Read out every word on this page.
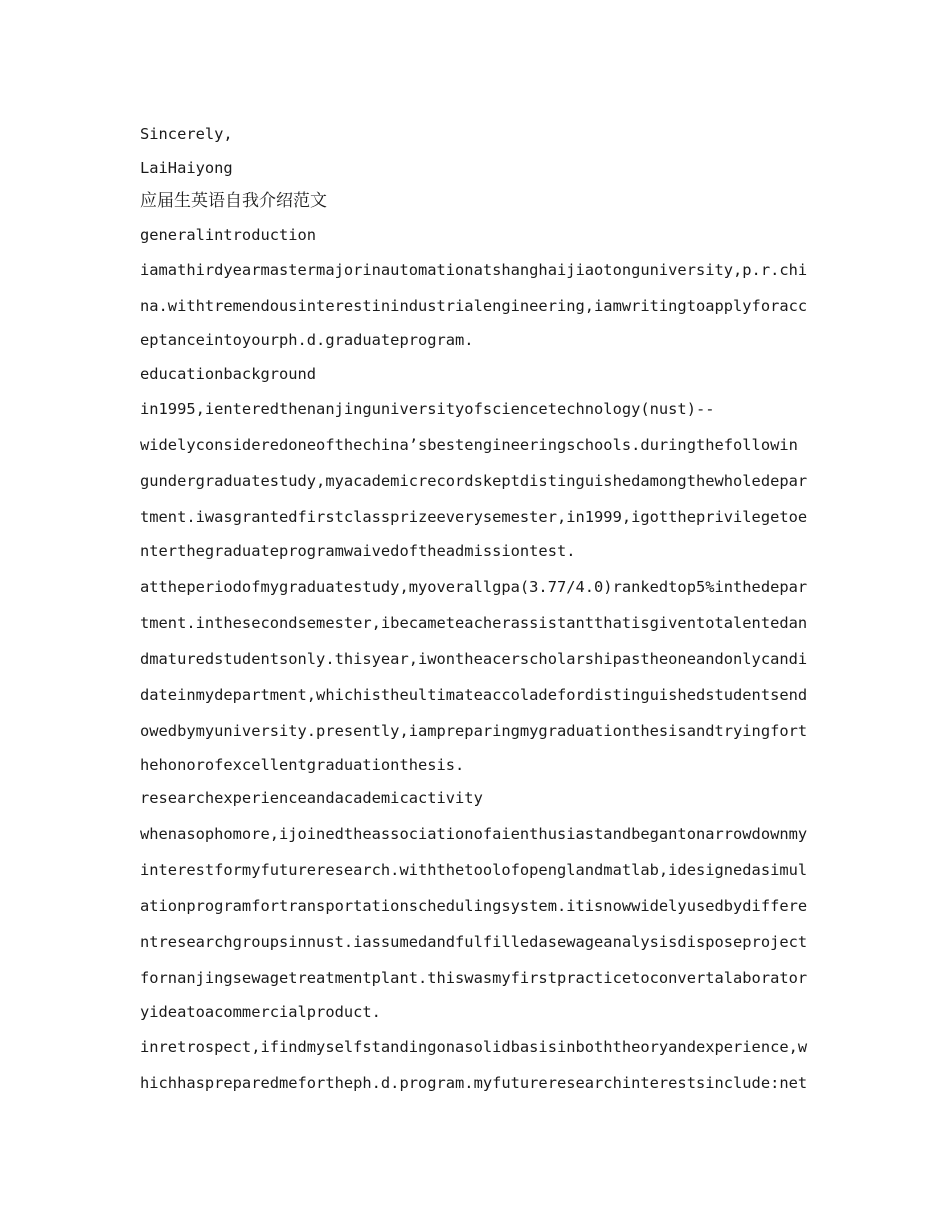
Sincerely,
LaiHaiyong
应届生英语自我介绍范文
generalintroduction
iamathirdyearmastermajorinautomationatshanghaijiaotonguniversity,p.r.chi
na.withtremendousinterestinindustrialengineering,iamwritingtoapplyforacc
eptanceintoyourph.d.graduateprogram.
educationbackground
in1995,ienteredthenanjinguniversityofsciencetechnology(nust)--
widelyconsideredoneofthechina’sbestengineeringschools.duringthefollowin
gundergraduatestudy,myacademicrecordskeptdistinguishedamongthewholedepar
tment.iwasgrantedfirstclassprizeeverysemester,in1999,igottheprivilegetoe
nterthegraduateprogramwaivedoftheadmissiontest.
attheperiodofmygraduatestudy,myoverallgpa(3.77/4.0)rankedtop5%inthedepar
tment.inthesecondsemester,ibecameteacherassistantthatisgiventotalentedan
dmaturedstudentsonly.thisyear,iwontheacerscholarshipastheoneandonlycandi
dateinmydepartment,whichistheultimateaccoladefordistinguishedstudentsend
owedbymyuniversity.presently,iampreparingmygraduationthesisandtryingfort
hehonorofexcellentgraduationthesis.
researchexperienceandacademicactivity
whenasophomore,ijoinedtheassociationofaienthusiastandbegantonarrowdownmy
interestformyfutureresearch.withthetoolofopenglandmatlab,idesignedasimul
ationprogramfortransportationschedulingsystem.itisnowwidelyusedbydiffere
ntresearchgroupsinnust.iassumedandfulfilledasewageanalysisdisposeproject
fornanjingsewagetreatmentplant.thiswasmyfirstpracticetoconvertalaborator
yideatoacommercialproduct.
inretrospect,ifindmyselfstandingonasolidbasisinboththeoryandexperience,w
hichhaspreparedmefortheph.d.program.myfutureresearchinterestsinclude:net
